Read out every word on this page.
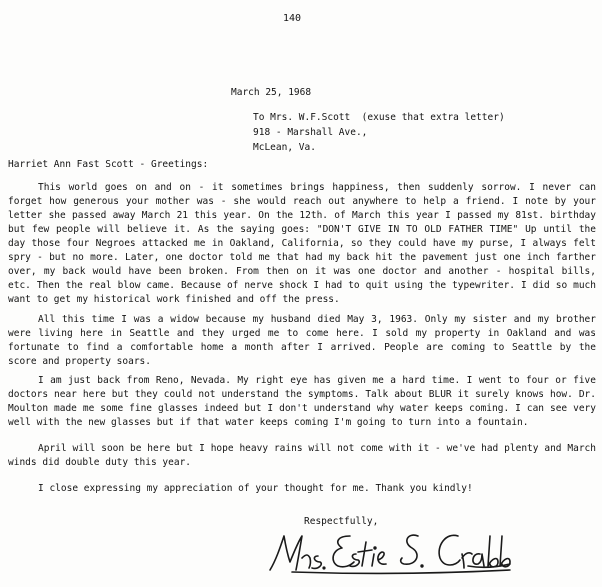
140
March 25, 1968
To Mrs. W.F.Scott  (exuse that extra letter)
918 - Marshall Ave.,
McLean, Va.
Harriet Ann Fast Scott - Greetings:

This world goes on and on - it sometimes brings happiness, then suddenly sorrow. I never can forget how generous your mother was - she would reach out anywhere to help a friend. I note by your letter she passed away March 21 this year. On the 12th. of March this year I passed my 81st. birthday but few people will believe it. As the saying goes: "DON'T GIVE IN TO OLD FATHER TIME" Up until the day those four Negroes attacked me in Oakland, California, so they could have my purse, I always felt spry - but no more. Later, one doctor told me that had my back hit the pavement just one inch farther over, my back would have been broken. From then on it was one doctor and another - hospital bills, etc. Then the real blow came. Because of nerve shock I had to quit using the typewriter. I did so much want to get my historical work finished and off the press.

All this time I was a widow because my husband died May 3, 1963. Only my sister and my brother were living here in Seattle and they urged me to come here. I sold my property in Oakland and was fortunate to find a comfortable home a month after I arrived. People are coming to Seattle by the score and property soars.

I am just back from Reno, Nevada. My right eye has given me a hard time. I went to four or five doctors near here but they could not understand the symptoms. Talk about BLUR it surely knows how. Dr. Moulton made me some fine glasses indeed but I don't understand why water keeps coming. I can see very well with the new glasses but if that water keeps coming I'm going to turn into a fountain.

April will soon be here but I hope heavy rains will not come with it - we've had plenty and March winds did double duty this year.

I close expressing my appreciation of your thought for me. Thank you kindly!
Respectfully,
